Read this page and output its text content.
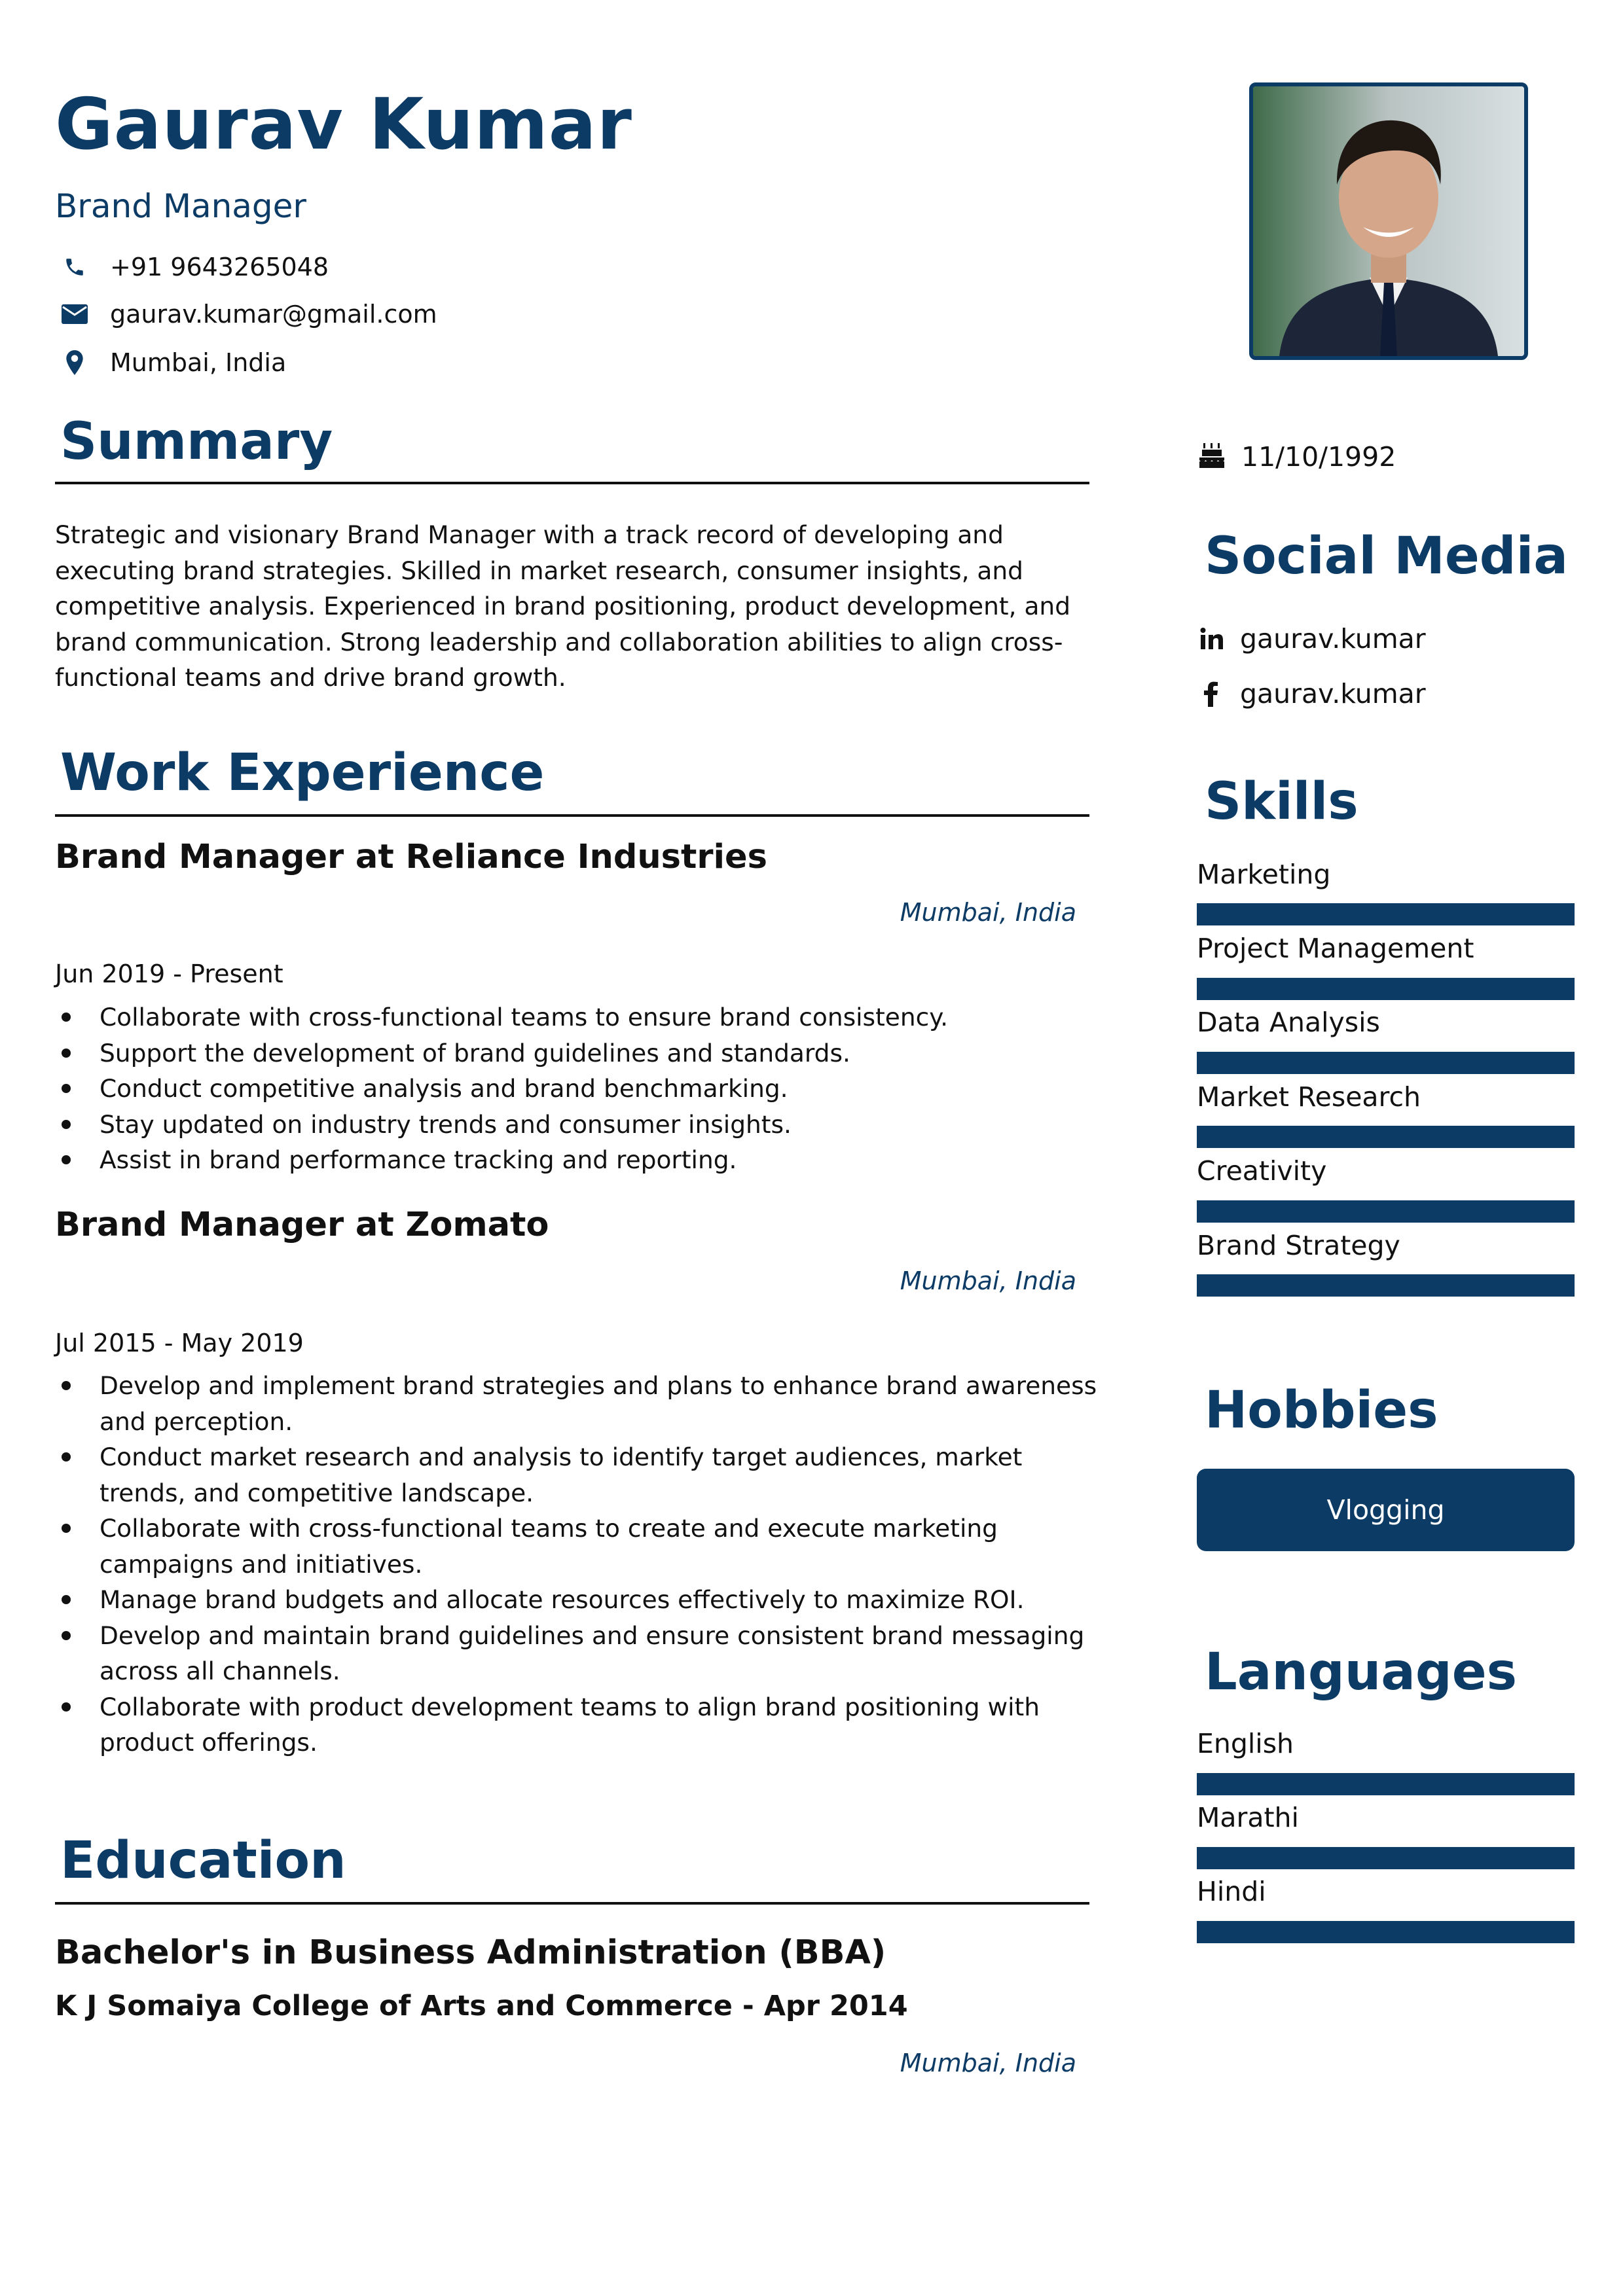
Gaurav Kumar
Brand Manager
+91 9643265048
gaurav.kumar@gmail.com
Mumbai, India
Summary
Strategic and visionary Brand Manager with a track record of developing and executing brand strategies. Skilled in market research, consumer insights, and competitive analysis. Experienced in brand positioning, product development, and brand communication. Strong leadership and collaboration abilities to align cross-functional teams and drive brand growth.
Work Experience
Brand Manager at Reliance Industries
Mumbai, India
Jun 2019 - Present
Collaborate with cross-functional teams to ensure brand consistency.
Support the development of brand guidelines and standards.
Conduct competitive analysis and brand benchmarking.
Stay updated on industry trends and consumer insights.
Assist in brand performance tracking and reporting.
Brand Manager at Zomato
Mumbai, India
Jul 2015 - May 2019
Develop and implement brand strategies and plans to enhance brand awareness and perception.
Conduct market research and analysis to identify target audiences, market trends, and competitive landscape.
Collaborate with cross-functional teams to create and execute marketing campaigns and initiatives.
Manage brand budgets and allocate resources effectively to maximize ROI.
Develop and maintain brand guidelines and ensure consistent brand messaging across all channels.
Collaborate with product development teams to align brand positioning with product offerings.
Education
Bachelor's in Business Administration (BBA)
K J Somaiya College of Arts and Commerce - Apr 2014
Mumbai, India
11/10/1992
Social Media
gaurav.kumar
gaurav.kumar
Skills
Marketing
Project Management
Data Analysis
Market Research
Creativity
Brand Strategy
Hobbies
Vlogging
Languages
English
Marathi
Hindi
